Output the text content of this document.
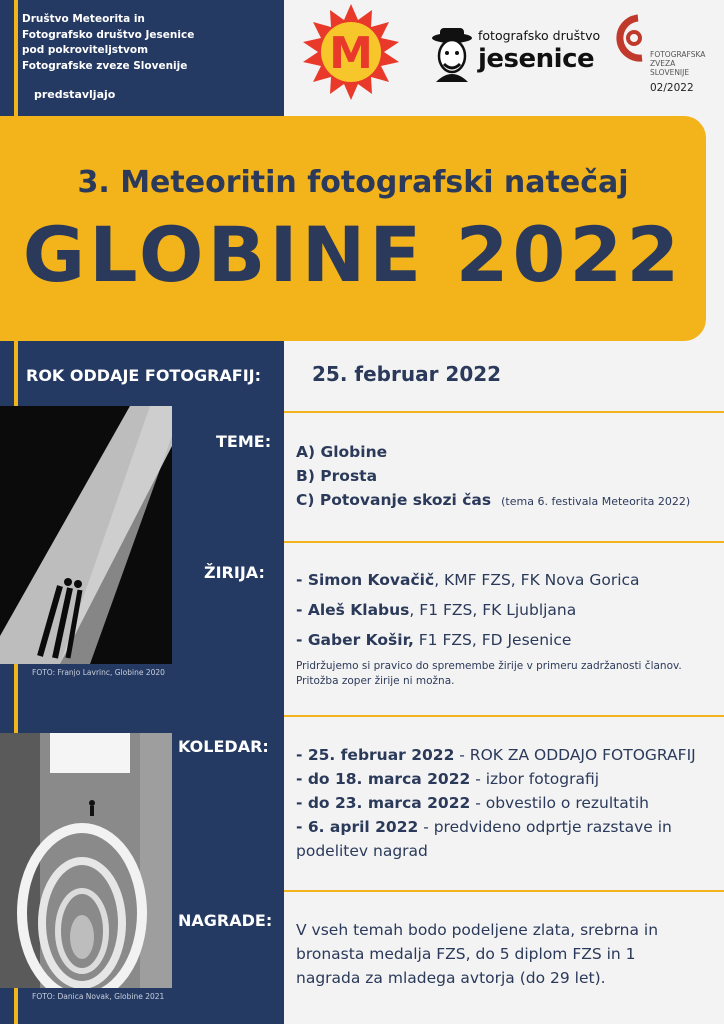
Društvo Meteorita in
Fotografsko društvo Jesenice
pod pokroviteljstvom
Fotografske zveze Slovenije
predstavljajo
M	fotografsko društvo
jesenice	FOTOGRAFSKA
ZVEZA
SLOVENIJE
02/2022
3. Meteoritin fotografski natečaj
GLOBINE 2022
ROK ODDAJE FOTOGRAFIJ:	25. februar 2022
TEME:
A) Globine
B) Prosta
C) Potovanje skozi čas (tema 6. festivala Meteorita 2022)
ŽIRIJA: - Simon Kovačič, KMF FZS, FK Nova Gorica
- Aleš Klabus, F1 FZS, FK Ljubljana
- Gaber Košir, F1 FZS, FD Jesenice
Pridržujemo si pravico do spremembe žirije v primeru zadržanosti članov.
Pritožba zoper žirije ni možna.
KOLEDAR: - 25. februar 2022 - ROK ZA ODDAJO FOTOGRAFIJ
- do 18. marca 2022 - izbor fotografij
- do 23. marca 2022 - obvestilo o rezultatih
- 6. april 2022 - predvideno odprtje razstave in podelitev nagrad
NAGRADE: V vseh temah bodo podeljene zlata, srebrna in
bronasta medalja FZS, do 5 diplom FZS in 1
nagrada za mladega avtorja (do 29 let).
FOTO: Franjo Lavrinc, Globine 2020
FOTO: Danica Novak, Globine 2021
